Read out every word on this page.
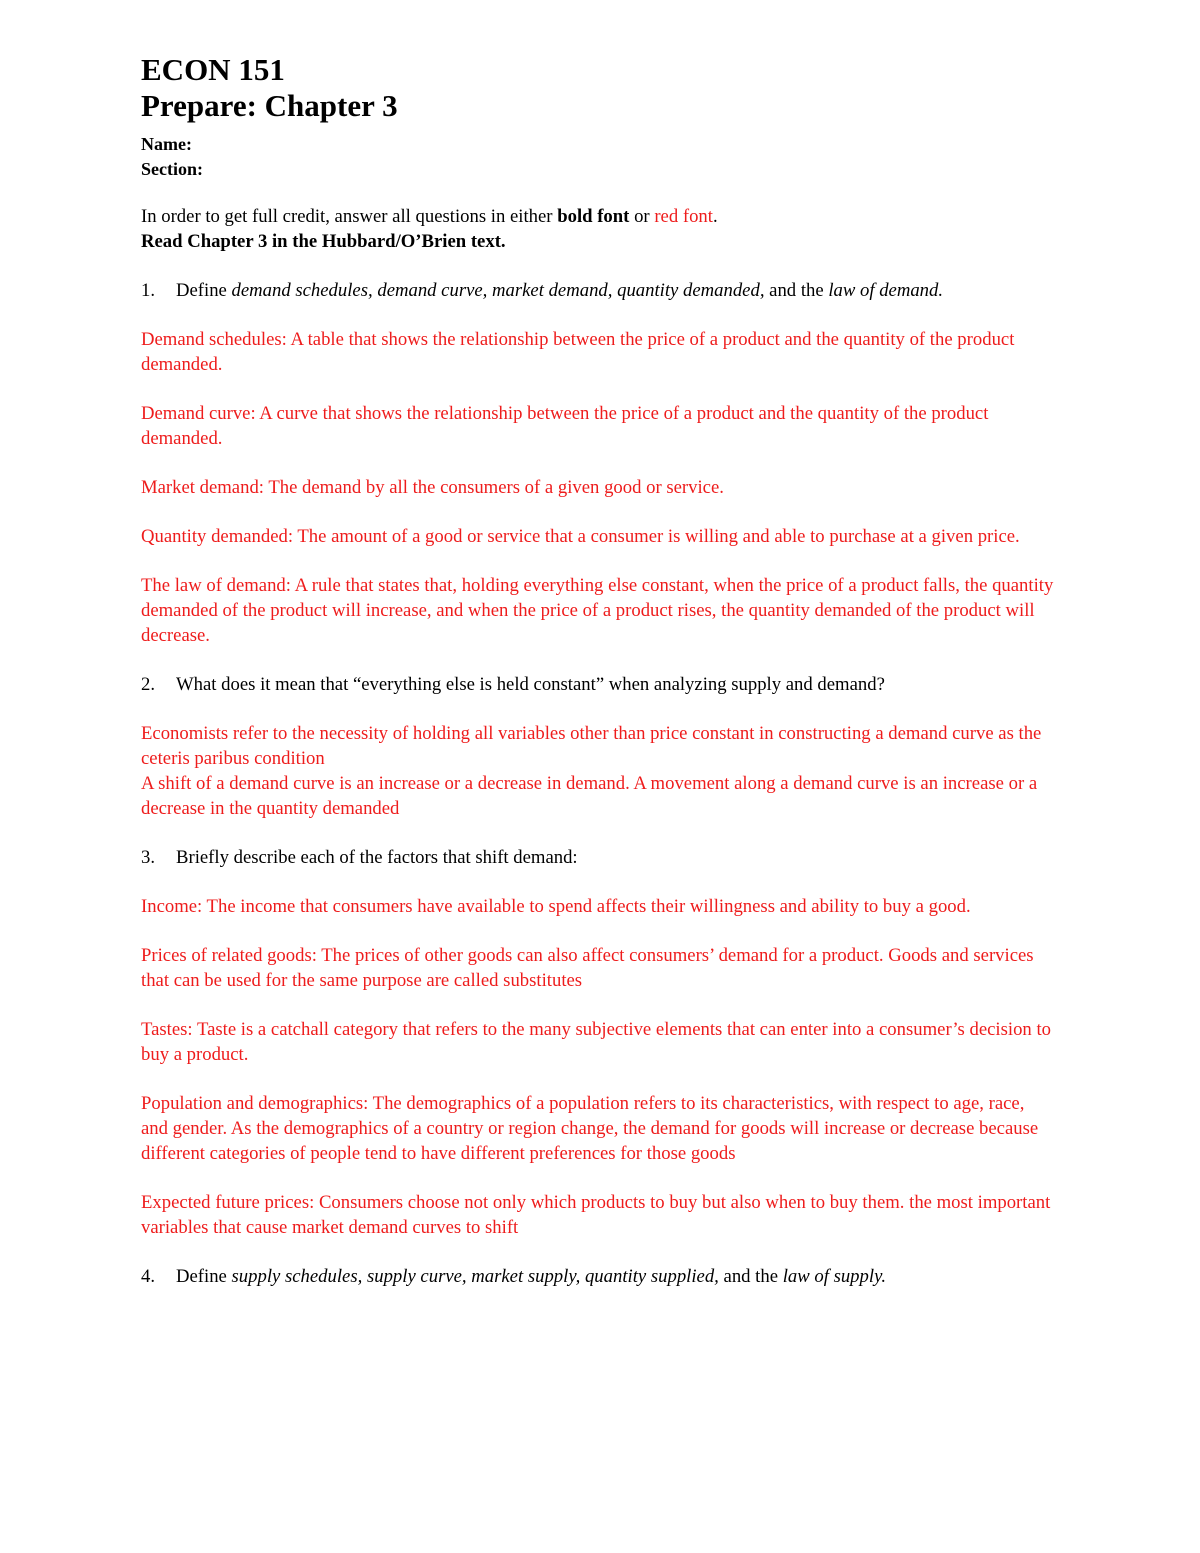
ECON 151
Prepare: Chapter 3
Name:
Section:

In order to get full credit, answer all questions in either bold font or red font.

Read Chapter 3 in the Hubbard/O’Brien text.

1.	Define demand schedules, demand curve, market demand, quantity demanded, and the law of demand.

Demand schedules: A table that shows the relationship between the price of a product and the quantity of the product demanded.

Demand curve: A curve that shows the relationship between the price of a product and the quantity of the product demanded.

Market demand: The demand by all the consumers of a given good or service.

Quantity demanded: The amount of a good or service that a consumer is willing and able to purchase at a given price.

The law of demand: A rule that states that, holding everything else constant, when the price of a product falls, the quantity demanded of the product will increase, and when the price of a product rises, the quantity demanded of the product will decrease.

2.	What does it mean that “everything else is held constant” when analyzing supply and demand?

Economists refer to the necessity of holding all variables other than price constant in constructing a demand curve as the ceteris paribus condition

A shift of a demand curve is an increase or a decrease in demand. A movement along a demand curve is an increase or a decrease in the quantity demanded

3.	Briefly describe each of the factors that shift demand:

Income: The income that consumers have available to spend affects their willingness and ability to buy a good.

Prices of related goods: The prices of other goods can also affect consumers’ demand for a product. Goods and services that can be used for the same purpose are called substitutes

Tastes: Taste is a catchall category that refers to the many subjective elements that can enter into a consumer’s decision to buy a product.

Population and demographics: The demographics of a population refers to its characteristics, with respect to age, race, and gender. As the demographics of a country or region change, the demand for goods will increase or decrease because different categories of people tend to have different preferences for those goods

Expected future prices: Consumers choose not only which products to buy but also when to buy them. the most important variables that cause market demand curves to shift

4.	Define supply schedules, supply curve, market supply, quantity supplied, and the law of supply.
